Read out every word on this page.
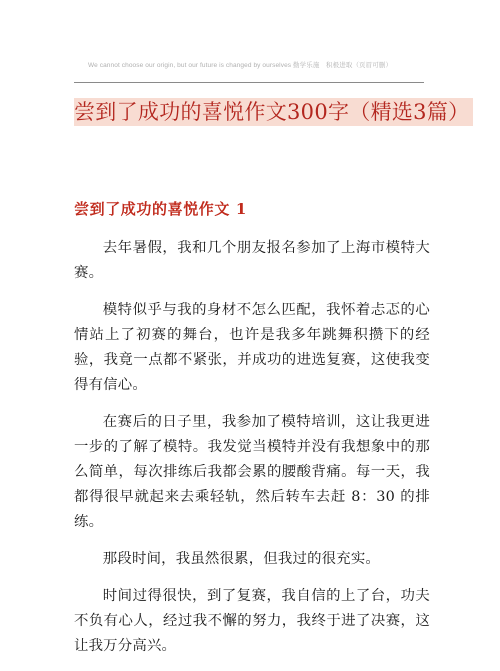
We cannot choose our origin, but our future is changed by ourselves 勤学乐施　积极进取（页眉可删）
尝到了成功的喜悦作文300字（精选3篇）
尝到了成功的喜悦作文 1

去年暑假，我和几个朋友报名参加了上海市模特大赛。

模特似乎与我的身材不怎么匹配，我怀着忐忑的心情站上了初赛的舞台，也许是我多年跳舞积攒下的经验，我竟一点都不紧张，并成功的进选复赛，这使我变得有信心。

在赛后的日子里，我参加了模特培训，这让我更进一步的了解了模特。我发觉当模特并没有我想象中的那么简单，每次排练后我都会累的腰酸背痛。每一天，我都得很早就起来去乘轻轨，然后转车去赶 8：30 的排练。

那段时间，我虽然很累，但我过的很充实。

时间过得很快，到了复赛，我自信的上了台，功夫不负有心人，经过我不懈的努力，我终于进了决赛，这让我万分高兴。
